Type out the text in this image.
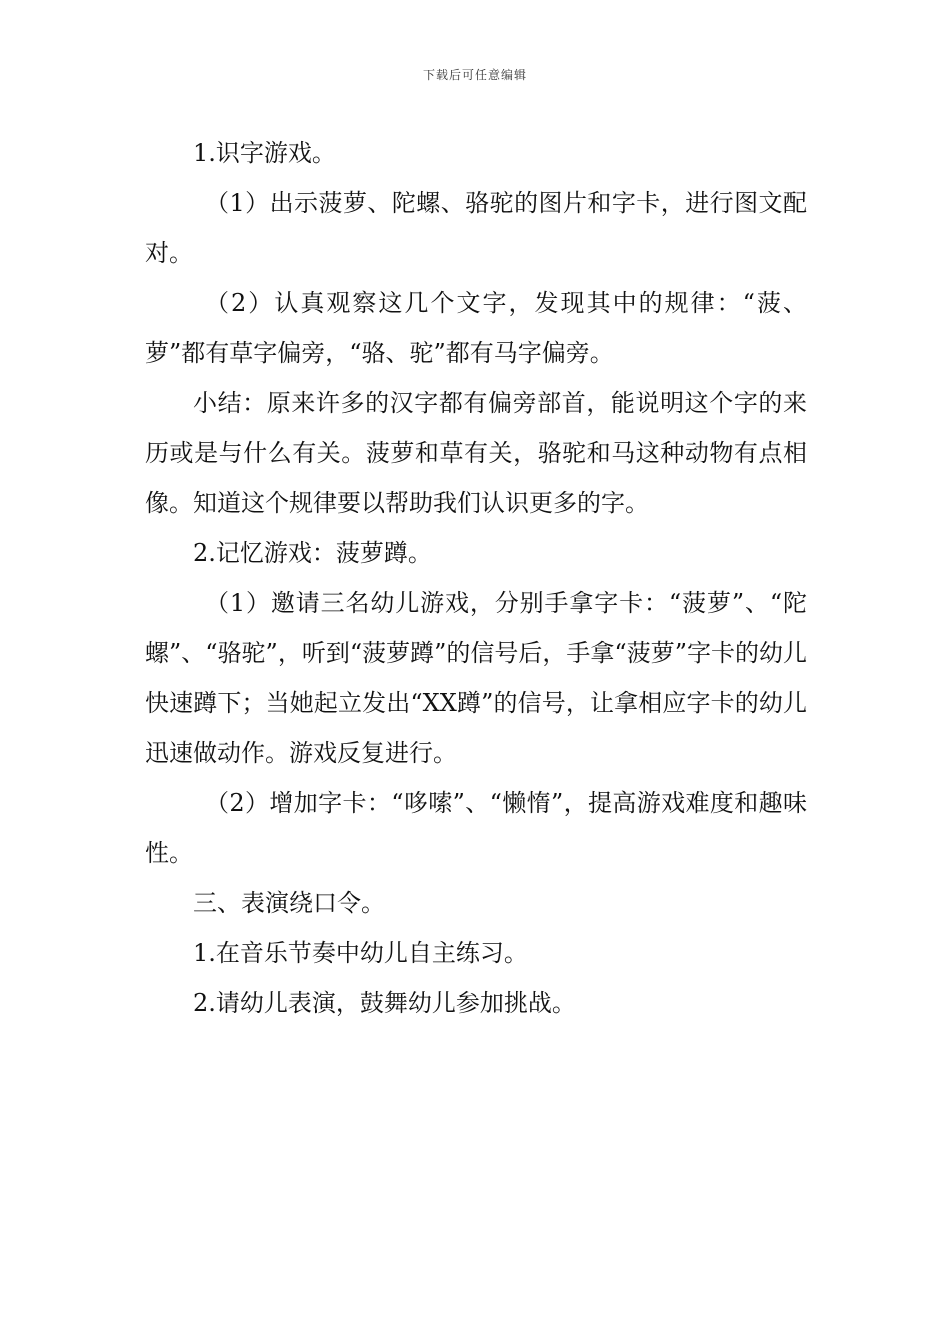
下载后可任意编辑

1.识字游戏。

（1）出示菠萝、陀螺、骆驼的图片和字卡，进行图文配对。

（2）认真观察这几个文字，发现其中的规律：“菠、萝”都有草字偏旁，“骆、驼”都有马字偏旁。

小结：原来许多的汉字都有偏旁部首，能说明这个字的来历或是与什么有关。菠萝和草有关，骆驼和马这种动物有点相像。知道这个规律要以帮助我们认识更多的字。

2.记忆游戏：菠萝蹲。

（1）邀请三名幼儿游戏，分别手拿字卡：“菠萝”、“陀螺”、“骆驼”，听到“菠萝蹲”的信号后，手拿“菠萝”字卡的幼儿快速蹲下；当她起立发出“XX蹲”的信号，让拿相应字卡的幼儿迅速做动作。游戏反复进行。

（2）增加字卡：“哆嗦”、“懒惰”，提高游戏难度和趣味性。

三、表演绕口令。

1.在音乐节奏中幼儿自主练习。

2.请幼儿表演，鼓舞幼儿参加挑战。
